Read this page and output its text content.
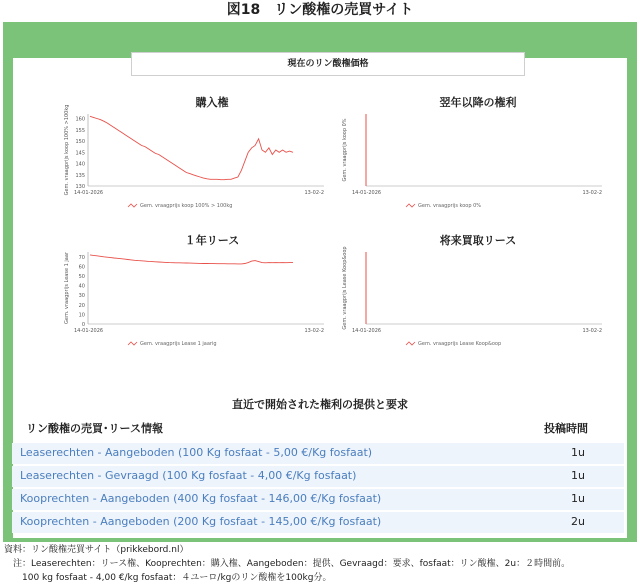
図18　リン酸権の売買サイト
現在のリン酸権価格
購入権	翌年以降の権利
１年リース	将来買取リース
Gem. vraagprijs koop 100% >100kg 160
155
150
145
140
135
130
14-01-2026	13-02-2
Gem. vraagprijs koop 100% > 100kg
Gem. vraagprijs koop 0%
14-01-2026	13-02-2
Gem. vraagprijs koop 0%
Gem. vraagprijs Lease 1 jaar 70
60
50
40
30
20
10
0
14-01-2026	13-02-2
Gem. vraagprijs Lease 1 jaarig
Gem. vraagprijs Lease Koop&oop
14-01-2026	13-02-2
Gem. vraagprijs Lease Koop&oop
直近で開始された権利の提供と要求
リン酸権の売買･リース情報	投稿時間
Leaserechten - Aangeboden (100 Kg fosfaat - 5,00 €/Kg fosfaat)	1u
Leaserechten - Gevraagd (100 Kg fosfaat - 4,00 €/Kg fosfaat)	1u
Kooprechten - Aangeboden (400 Kg fosfaat - 146,00 €/Kg fosfaat)	1u
Kooprechten - Aangeboden (200 Kg fosfaat - 145,00 €/Kg fosfaat)	2u
資料：リン酸権売買サイト（prikkebord.nl）
　注：Leaserechten：リース権、Kooprechten：購入権、Aangeboden：提供、Gevraagd：要求、fosfaat：リン酸権、2u：２時間前。
　　100 kg fosfaat - 4,00 €/kg fosfaat：４ユーロ/kgのリン酸権を100kg分。
